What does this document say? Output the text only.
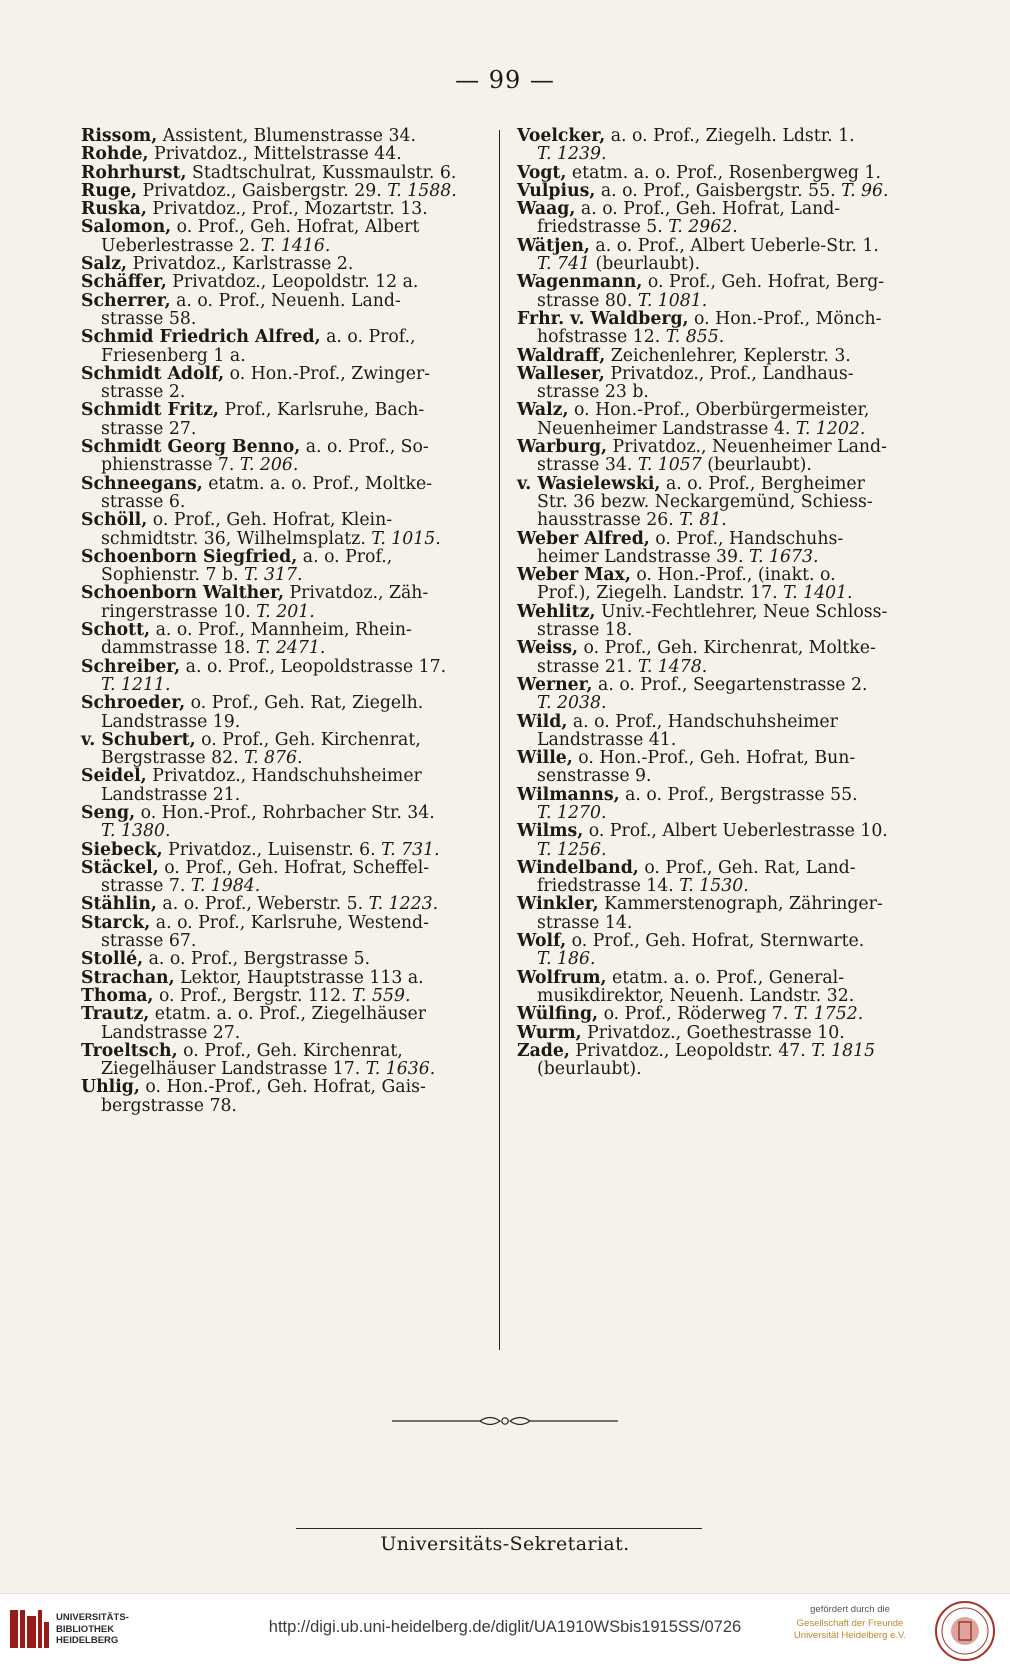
— 99 —

Rissom, Assistent, Blumenstrasse 34.

Rohde, Privatdoz., Mittelstrasse 44.

Rohrhurst, Stadtschulrat, Kussmaulstr. 6.

Ruge, Privatdoz., Gaisbergstr. 29. T. 1588.

Ruska, Privatdoz., Prof., Mozartstr. 13.

Salomon, o. Prof., Geh. Hofrat, Albert
Ueberlestrasse 2. T. 1416.

Salz, Privatdoz., Karlstrasse 2.

Schäffer, Privatdoz., Leopoldstr. 12 a.

Scherrer, a. o. Prof., Neuenh. Land-
strasse 58.

Schmid Friedrich Alfred, a. o. Prof.,
Friesenberg 1 a.

Schmidt Adolf, o. Hon.-Prof., Zwinger-
strasse 2.

Schmidt Fritz, Prof., Karlsruhe, Bach-
strasse 27.

Schmidt Georg Benno, a. o. Prof., So-
phienstrasse 7. T. 206.

Schneegans, etatm. a. o. Prof., Moltke-
strasse 6.

Schöll, o. Prof., Geh. Hofrat, Klein-
schmidtstr. 36, Wilhelmsplatz. T. 1015.

Schoenborn Siegfried, a. o. Prof.,
Sophienstr. 7 b. T. 317.

Schoenborn Walther, Privatdoz., Zäh-
ringerstrasse 10. T. 201.

Schott, a. o. Prof., Mannheim, Rhein-
dammstrasse 18. T. 2471.

Schreiber, a. o. Prof., Leopoldstrasse 17.
T. 1211.

Schroeder, o. Prof., Geh. Rat, Ziegelh.
Landstrasse 19.

v. Schubert, o. Prof., Geh. Kirchenrat,
Bergstrasse 82. T. 876.

Seidel, Privatdoz., Handschuhsheimer
Landstrasse 21.

Seng, o. Hon.-Prof., Rohrbacher Str. 34.
T. 1380.

Siebeck, Privatdoz., Luisenstr. 6. T. 731.

Stäckel, o. Prof., Geh. Hofrat, Scheffel-
strasse 7. T. 1984.

Stählin, a. o. Prof., Weberstr. 5. T. 1223.

Starck, a. o. Prof., Karlsruhe, Westend-
strasse 67.

Stollé, a. o. Prof., Bergstrasse 5.

Strachan, Lektor, Hauptstrasse 113 a.

Thoma, o. Prof., Bergstr. 112. T. 559.

Trautz, etatm. a. o. Prof., Ziegelhäuser
Landstrasse 27.

Troeltsch, o. Prof., Geh. Kirchenrat,
Ziegelhäuser Landstrasse 17. T. 1636.

Uhlig, o. Hon.-Prof., Geh. Hofrat, Gais-
bergstrasse 78.

Voelcker, a. o. Prof., Ziegelh. Ldstr. 1.
T. 1239.

Vogt, etatm. a. o. Prof., Rosenbergweg 1.

Vulpius, a. o. Prof., Gaisbergstr. 55. T. 96.

Waag, a. o. Prof., Geh. Hofrat, Land-
friedstrasse 5. T. 2962.

Wätjen, a. o. Prof., Albert Ueberle-Str. 1.
T. 741 (beurlaubt).

Wagenmann, o. Prof., Geh. Hofrat, Berg-
strasse 80. T. 1081.

Frhr. v. Waldberg, o. Hon.-Prof., Mönch-
hofstrasse 12. T. 855.

Waldraff, Zeichenlehrer, Keplerstr. 3.

Walleser, Privatdoz., Prof., Landhaus-
strasse 23 b.

Walz, o. Hon.-Prof., Oberbürgermeister,
Neuenheimer Landstrasse 4. T. 1202.

Warburg, Privatdoz., Neuenheimer Land-
strasse 34. T. 1057 (beurlaubt).

v. Wasielewski, a. o. Prof., Bergheimer
Str. 36 bezw. Neckargemünd, Schiess-
hausstrasse 26. T. 81.

Weber Alfred, o. Prof., Handschuhs-
heimer Landstrasse 39. T. 1673.

Weber Max, o. Hon.-Prof., (inakt. o.
Prof.), Ziegelh. Landstr. 17. T. 1401.

Wehlitz, Univ.-Fechtlehrer, Neue Schloss-
strasse 18.

Weiss, o. Prof., Geh. Kirchenrat, Moltke-
strasse 21. T. 1478.

Werner, a. o. Prof., Seegartenstrasse 2.
T. 2038.

Wild, a. o. Prof., Handschuhsheimer
Landstrasse 41.

Wille, o. Hon.-Prof., Geh. Hofrat, Bun-
senstrasse 9.

Wilmanns, a. o. Prof., Bergstrasse 55.
T. 1270.

Wilms, o. Prof., Albert Ueberlestrasse 10.
T. 1256.

Windelband, o. Prof., Geh. Rat, Land-
friedstrasse 14. T. 1530.

Winkler, Kammerstenograph, Zähringer-
strasse 14.

Wolf, o. Prof., Geh. Hofrat, Sternwarte.
T. 186.

Wolfrum, etatm. a. o. Prof., General-
musikdirektor, Neuenh. Landstr. 32.

Wülfing, o. Prof., Röderweg 7. T. 1752.

Wurm, Privatdoz., Goethestrasse 10.

Zade, Privatdoz., Leopoldstr. 47. T. 1815
(beurlaubt).

Universitäts-Sekretariat.
UNIVERSITÄTS-
BIBLIOTHEK
HEIDELBERG
http://digi.ub.uni-heidelberg.de/diglit/UA1910WSbis1915SS/0726
gefördert durch die
Gesellschaft der Freunde
Universität Heidelberg e.V.
